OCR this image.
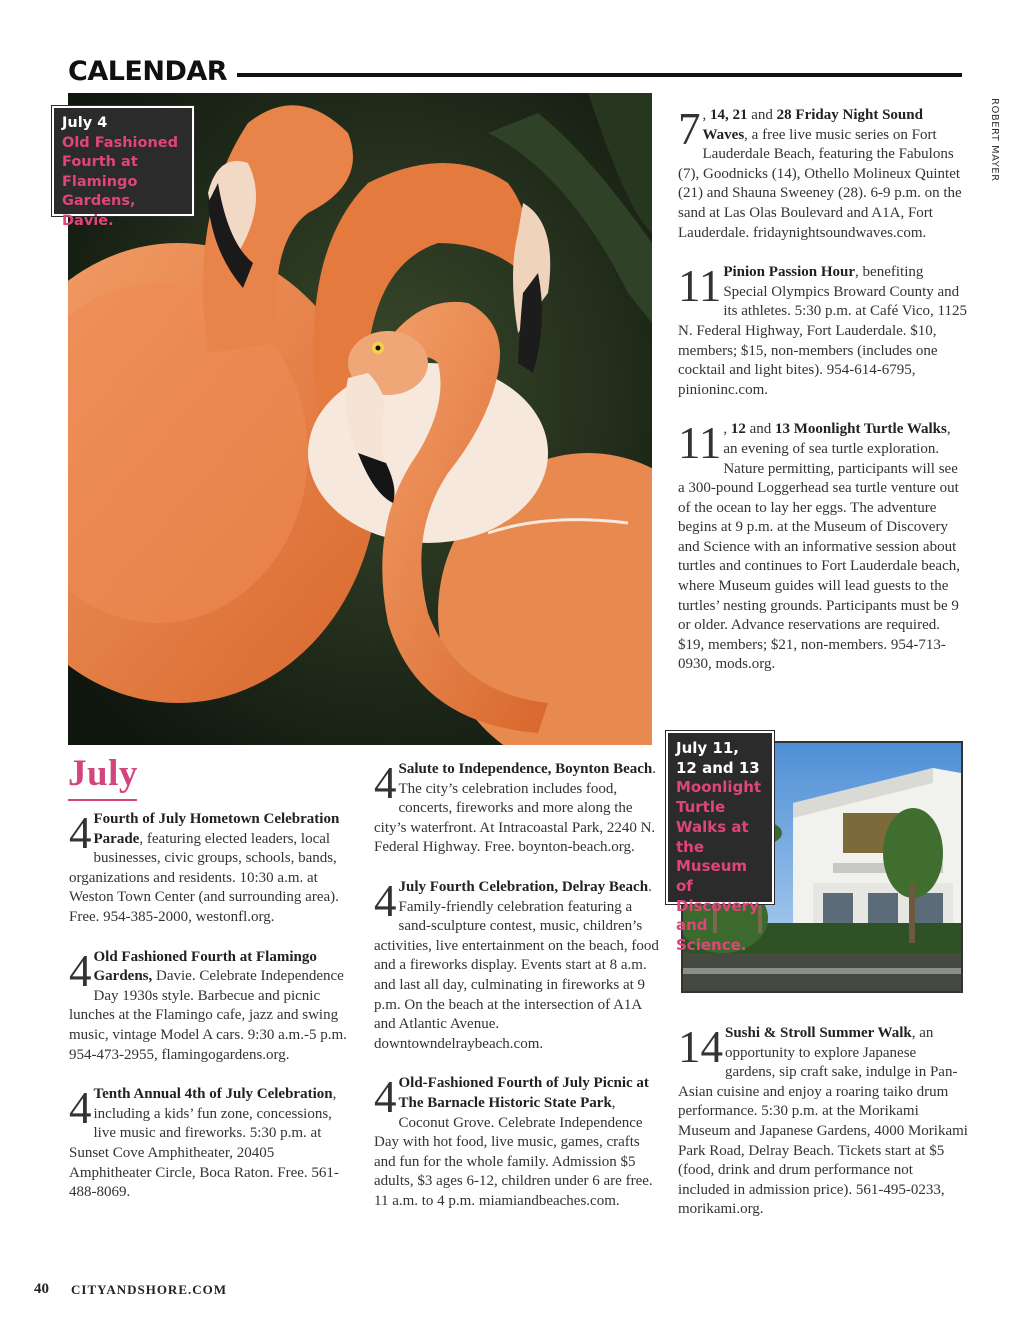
CALENDAR
ROBERT MAYER
July 4
Old Fashioned
Fourth at
Flamingo
Gardens, Davie.

7 , 14, 21 and 28 Friday Night Sound Waves, a free live music series on Fort Lauderdale Beach, featuring the Fabulons (7), Goodnicks (14), Othello Molineux Quintet (21) and Shauna Sweeney (28). 6-9 p.m. on the sand at Las Olas Boulevard and A1A, Fort Lauderdale. fridaynightsoundwaves.com.

11 Pinion Passion Hour, benefiting Special Olympics Broward County and its athletes. 5:30 p.m. at Café Vico, 1125 N. Federal Highway, Fort Lauderdale. $10, members; $15, non-members (includes one cocktail and light bites). 954-614-6795, pinioninc.com.

11 , 12 and 13 Moonlight Turtle Walks, an evening of sea turtle exploration. Nature permitting, participants will see a 300-pound Loggerhead sea turtle venture out of the ocean to lay her eggs. The adventure begins at 9 p.m. at the Museum of Discovery and Science with an informative session about turtles and continues to Fort Lauderdale beach, where Museum guides will lead guests to the turtles’ nesting grounds. Participants must be 9 or older. Advance reservations are required. $19, members; $21, non-members. 954-713-0930, mods.org.

July 11,
12 and 13
Moonlight
Turtle
Walks at the
Museum of
Discovery
and Science.
July

4 Fourth of July Hometown Celebration Parade, featuring elected leaders, local businesses, civic groups, schools, bands, organizations and residents. 10:30 a.m. at Weston Town Center (and surrounding area). Free. 954-385-2000, westonfl.org.

4 Old Fashioned Fourth at Flamingo Gardens, Davie. Celebrate Independence Day 1930s style. Barbecue and picnic lunches at the Flamingo cafe, jazz and swing music, vintage Model A cars. 9:30 a.m.-5 p.m. 954-473-2955, flamingogardens.org.

4 Tenth Annual 4th of July Celebration, including a kids’ fun zone, concessions, live music and fireworks. 5:30 p.m. at Sunset Cove Amphitheater, 20405 Amphitheater Circle, Boca Raton. Free. 561-488-8069.

4 Salute to Independence, Boynton Beach. The city’s celebration includes food, concerts, fireworks and more along the city’s waterfront. At Intracoastal Park, 2240 N. Federal Highway. Free. boynton-beach.org.

4 July Fourth Celebration, Delray Beach. Family-friendly celebration featuring a sand-sculpture contest, music, children’s activities, live entertainment on the beach, food and a fireworks display. Events start at 8 a.m. and last all day, culminating in fireworks at 9 p.m. On the beach at the intersection of A1A and Atlantic Avenue. downtowndelraybeach.com.

4 Old-Fashioned Fourth of July Picnic at The Barnacle Historic State Park, Coconut Grove. Celebrate Independence Day with hot food, live music, games, crafts and fun for the whole family. Admission $5 adults, $3 ages 6-12, children under 6 are free. 11 a.m. to 4 p.m. miamiandbeaches.com.

14 Sushi & Stroll Summer Walk, an opportunity to explore Japanese gardens, sip craft sake, indulge in Pan-Asian cuisine and enjoy a roaring taiko drum performance. 5:30 p.m. at the Morikami Museum and Japanese Gardens, 4000 Morikami Park Road, Delray Beach. Tickets start at $5 (food, drink and drum performance not included in admission price). 561-495-0233, morikami.org.

40 CITYANDSHORE.COM
